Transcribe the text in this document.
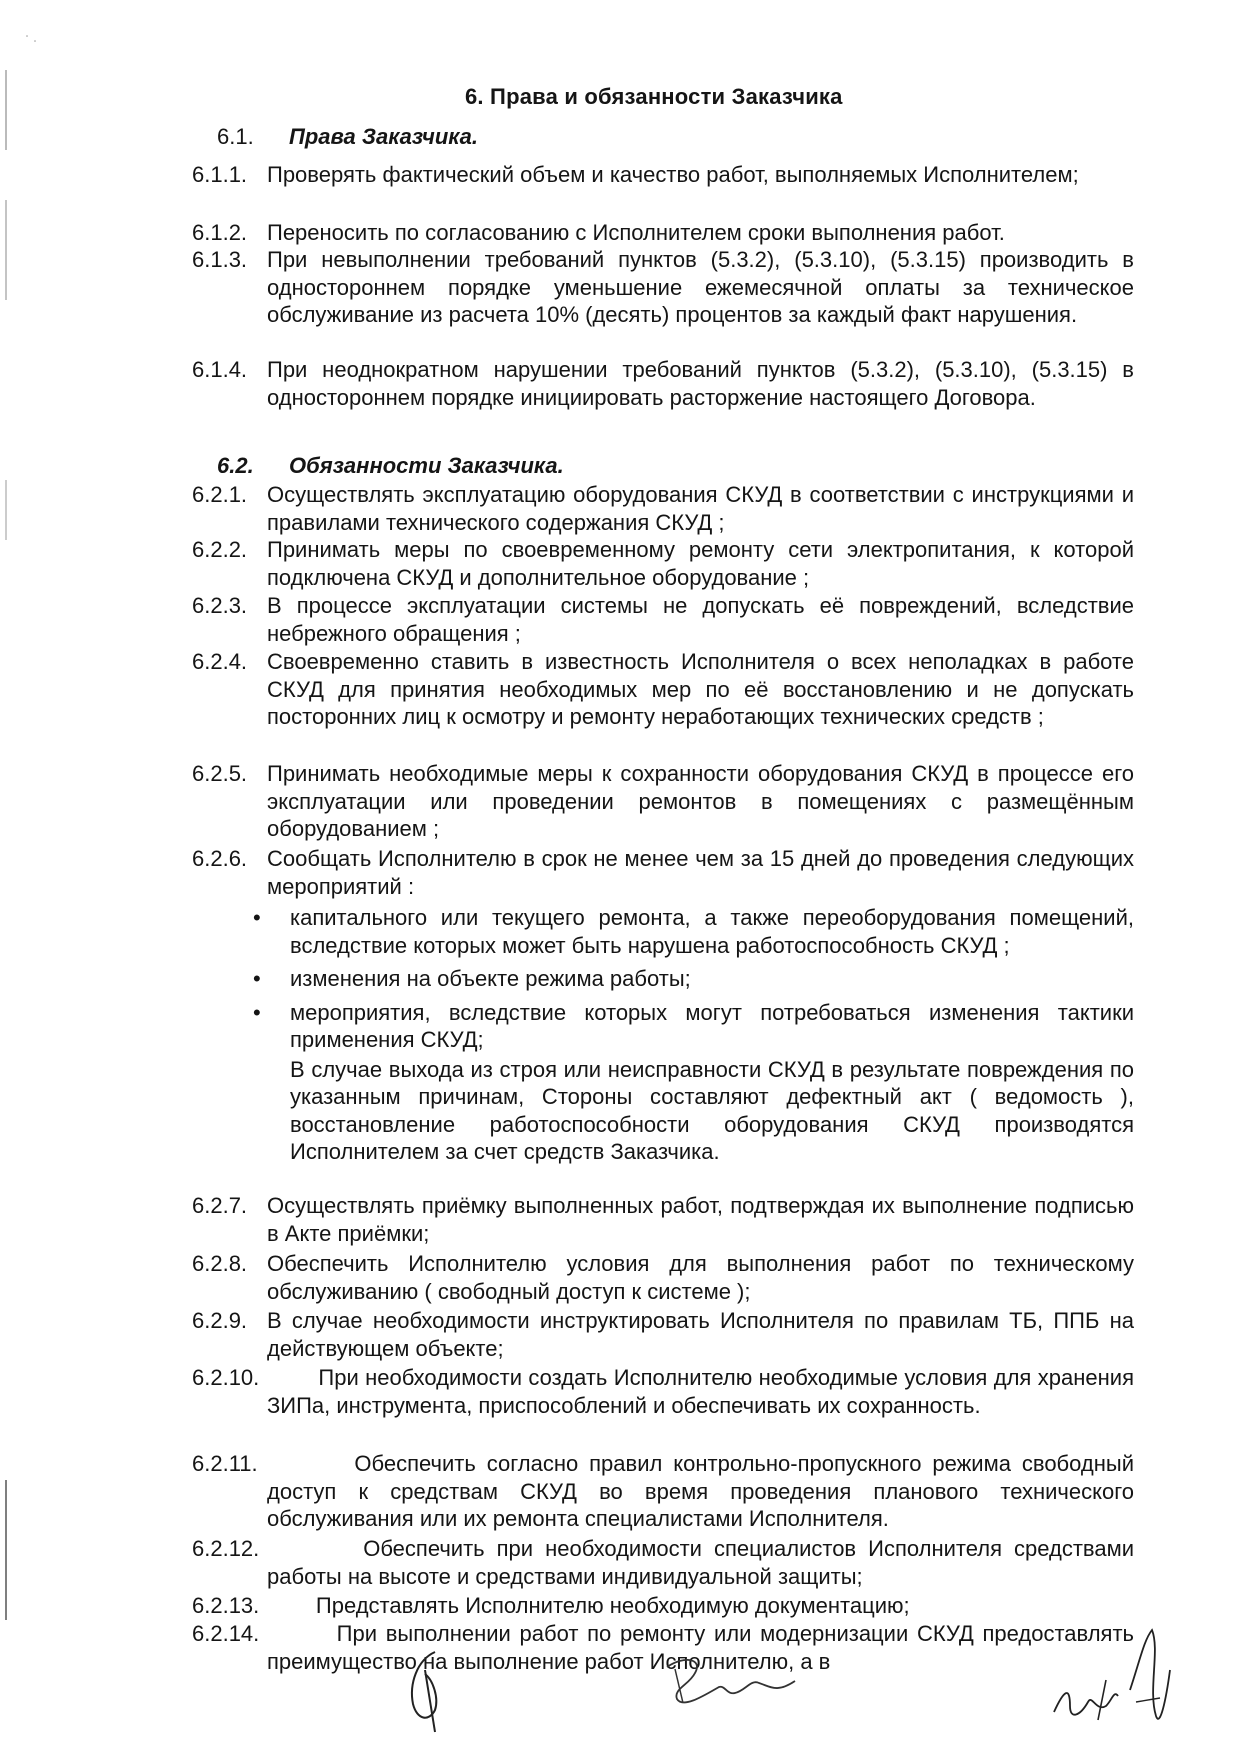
6. Права и обязанности Заказчика
6.1. Права Заказчика.
6.1.1. Проверять фактический объем и качество работ, выполняемых Исполнителем;
6.1.2. Переносить по согласованию с Исполнителем сроки выполнения работ.
6.1.3. При невыполнении требований пунктов (5.3.2), (5.3.10), (5.3.15) производить в одностороннем порядке уменьшение ежемесячной оплаты за техническое обслуживание из расчета 10% (десять) процентов за каждый факт нарушения.
6.1.4. При неоднократном нарушении требований пунктов (5.3.2), (5.3.10), (5.3.15) в одностороннем порядке инициировать расторжение настоящего Договора.
6.2. Обязанности Заказчика.
6.2.1. Осуществлять эксплуатацию оборудования СКУД в соответствии с инструкциями и правилами технического содержания СКУД ;
6.2.2. Принимать меры по своевременному ремонту сети электропитания, к которой подключена СКУД и дополнительное оборудование ;
6.2.3. В процессе эксплуатации системы не допускать её повреждений, вследствие небрежного обращения ;
6.2.4. Своевременно ставить в известность Исполнителя о всех неполадках в работе СКУД для принятия необходимых мер по её восстановлению и не допускать посторонних лиц к осмотру и ремонту неработающих технических средств ;
6.2.5. Принимать необходимые меры к сохранности оборудования СКУД в процессе его эксплуатации или проведении ремонтов в помещениях с размещённым оборудованием ;
6.2.6. Сообщать Исполнителю в срок не менее чем за 15 дней до проведения следующих мероприятий :
• капитального или текущего ремонта, а также переоборудования помещений, вследствие которых может быть нарушена работоспособность СКУД ;
• изменения на объекте режима работы;
• мероприятия, вследствие которых могут потребоваться изменения тактики применения СКУД;
В случае выхода из строя или неисправности СКУД в результате повреждения по указанным причинам, Стороны составляют дефектный акт ( ведомость ), восстановление работоспособности оборудования СКУД производятся Исполнителем за счет средств Заказчика.
6.2.7. Осуществлять приёмку выполненных работ, подтверждая их выполнение подписью в Акте приёмки;
6.2.8. Обеспечить Исполнителю условия для выполнения работ по техническому обслуживанию ( свободный доступ к системе );
6.2.9. В случае необходимости инструктировать Исполнителя по правилам ТБ, ППБ на действующем объекте;
6.2.10. При необходимости создать Исполнителю необходимые условия для хранения ЗИПа, инструмента, приспособлений и обеспечивать их сохранность.
6.2.11. Обеспечить согласно правил контрольно-пропускного режима свободный доступ к средствам СКУД во время проведения планового технического обслуживания или их ремонта специалистами Исполнителя.
6.2.12. Обеспечить при необходимости специалистов Исполнителя средствами работы на высоте и средствами индивидуальной защиты;
6.2.13. Представлять Исполнителю необходимую документацию;
6.2.14. При выполнении работ по ремонту или модернизации СКУД предоставлять преимущество на выполнение работ Исполнителю, а в
